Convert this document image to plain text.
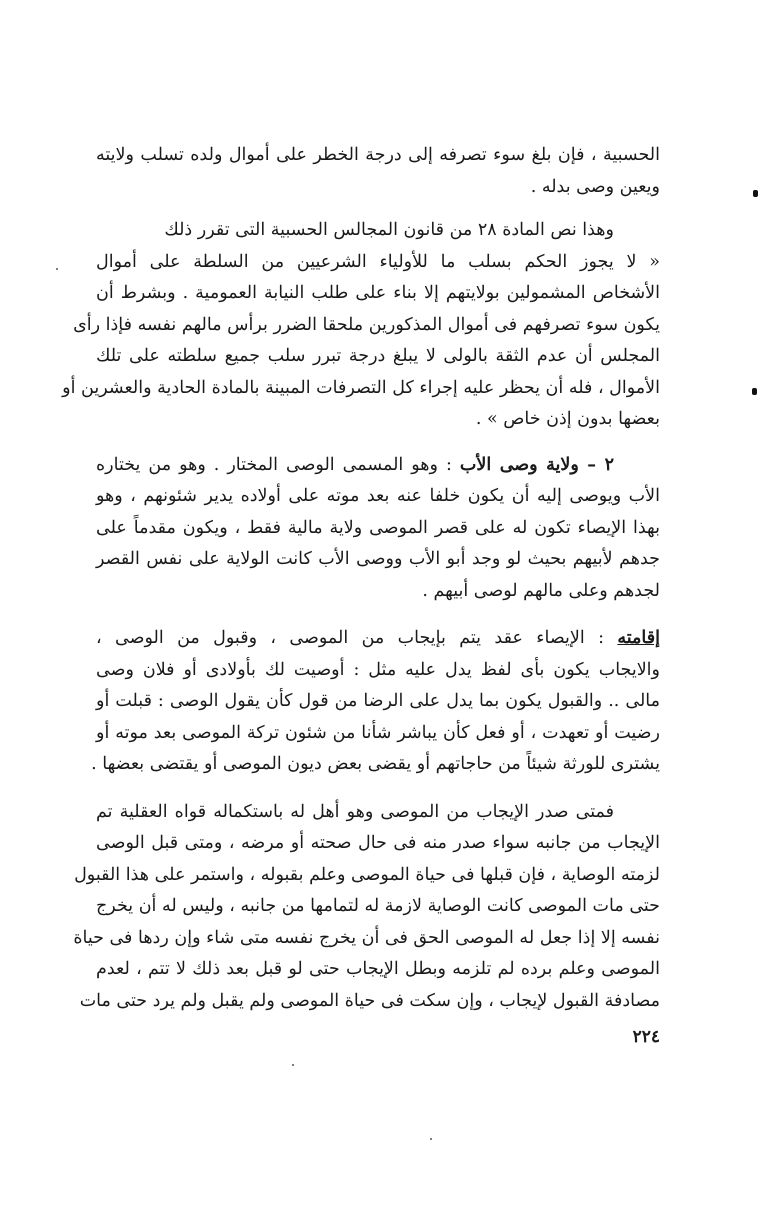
الحسبية ، فإن بلغ سوء تصرفه إلى درجة الخطر على أموال ولده تسلب ولايته
ويعين وصى بدله .
وهذا نص المادة ٢٨ من قانون المجالس الحسبية التى تقرر ذلك
« لا يجوز الحكم بسلب ما للأولياء الشرعيين من السلطة على أموال
الأشخاص المشمولين بولايتهم إلا بناء على طلب النيابة العمومية . وبشرط أن
يكون سوء تصرفهم فى أموال المذكورين ملحقا الضرر برأس مالهم نفسه فإذا رأى
المجلس أن عدم الثقة بالولى لا يبلغ درجة تبرر سلب جميع سلطته على تلك
الأموال ، فله أن يحظر عليه إجراء كل التصرفات المبينة بالمادة الحادية والعشرين أو
بعضها بدون إذن خاص » .
٢ – ولاية وصى الأب : وهو المسمى الوصى المختار . وهو من يختاره
الأب ويوصى إليه أن يكون خلفا عنه بعد موته على أولاده يدير شئونهم ، وهو
بهذا الإيصاء تكون له على قصر الموصى ولاية مالية فقط ، ويكون مقدماً على
جدهم لأبيهم بحيث لو وجد أبو الأب ووصى الأب كانت الولاية على نفس القصر
لجدهم وعلى مالهم لوصى أبيهم .
إقامته : الإيصاء عقد يتم بإيجاب من الموصى ، وقبول من الوصى ،
والايجاب يكون بأى لفظ يدل عليه مثل : أوصيت لك بأولادى أو فلان وصى
مالى .. والقبول يكون بما يدل على الرضا من قول كأن يقول الوصى : قبلت أو
رضيت أو تعهدت ، أو فعل كأن يباشر شأنا من شئون تركة الموصى بعد موته أو
يشترى للورثة شيئاً من حاجاتهم أو يقضى بعض ديون الموصى أو يقتضى بعضها .
فمتى صدر الإيجاب من الموصى وهو أهل له باستكماله قواه العقلية تم
الإيجاب من جانبه سواء صدر منه فى حال صحته أو مرضه ، ومتى قبل الوصى
لزمته الوصاية ، فإن قبلها فى حياة الموصى وعلم بقبوله ، واستمر على هذا القبول
حتى مات الموصى كانت الوصاية لازمة له لتمامها من جانبه ، وليس له أن يخرج
نفسه إلا إذا جعل له الموصى الحق فى أن يخرج نفسه متى شاء وإن ردها فى حياة
الموصى وعلم برده لم تلزمه وبطل الإيجاب حتى لو قبل بعد ذلك لا تتم ، لعدم
مصادفة القبول لإيجاب ، وإن سكت فى حياة الموصى ولم يقبل ولم يرد حتى مات
٢٢٤
